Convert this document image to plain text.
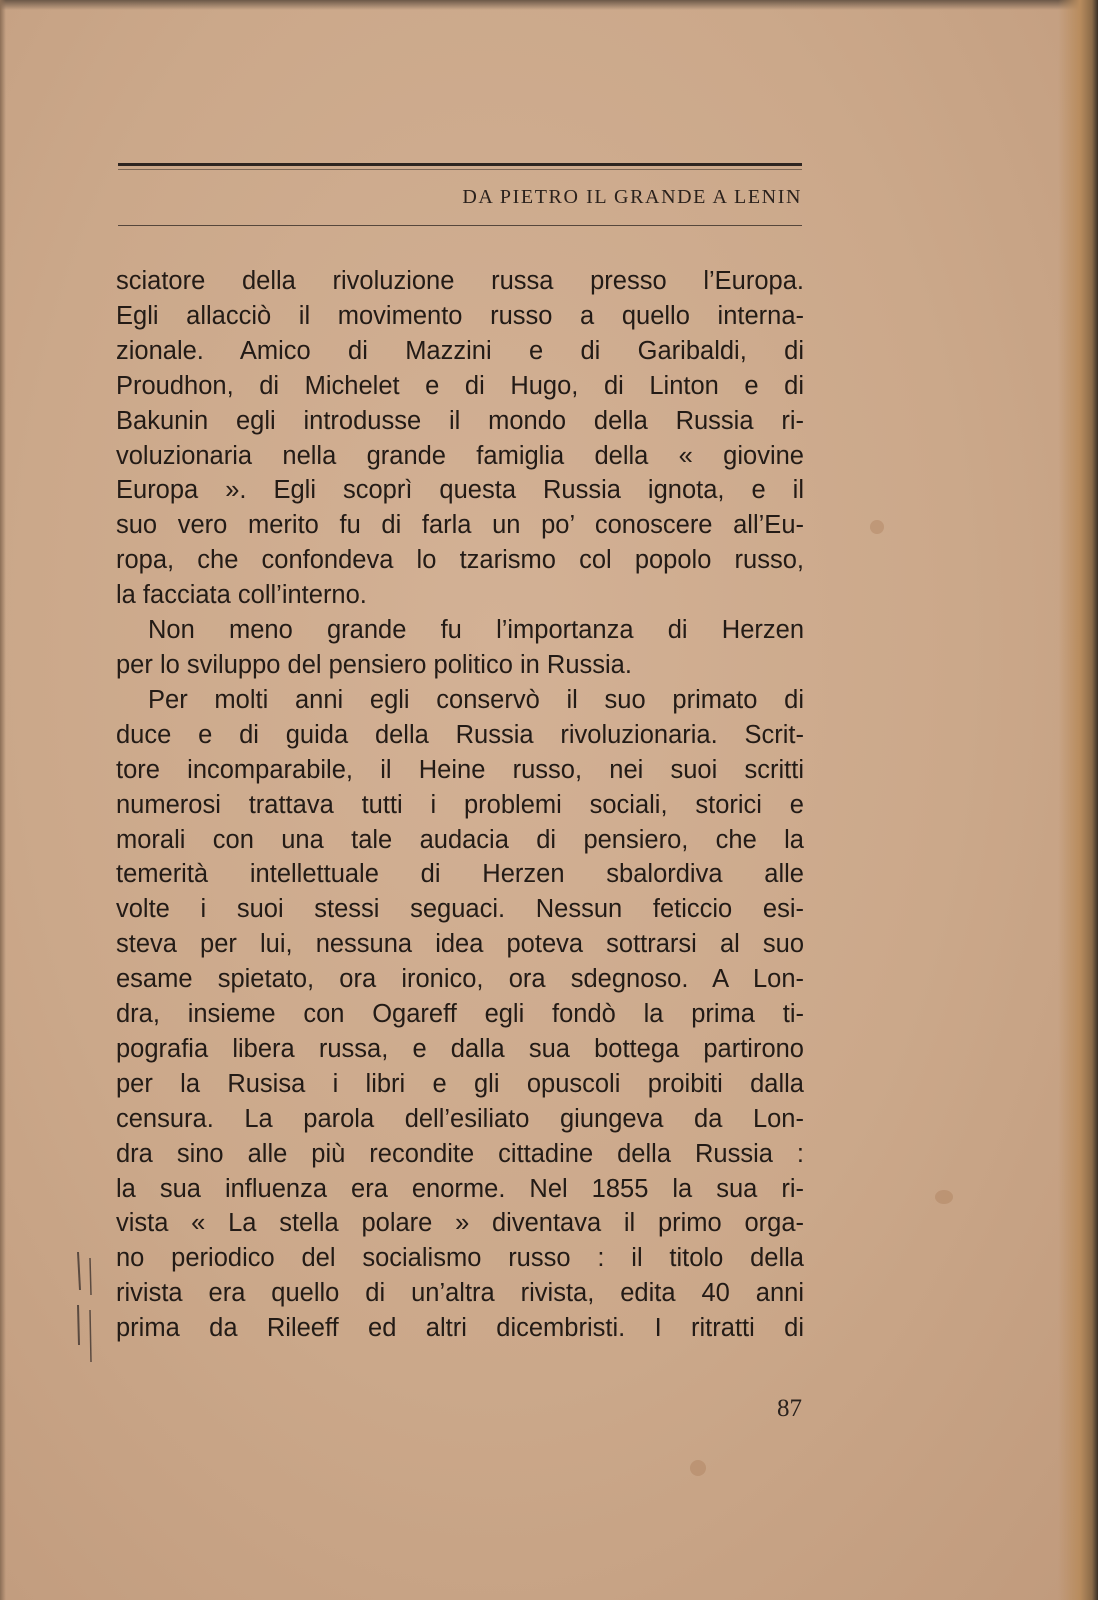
DA PIETRO IL GRANDE A LENIN
sciatore della rivoluzione russa presso l’Europa.
Egli allacciò il movimento russo a quello interna-
zionale. Amico di Mazzini e di Garibaldi, di
Proudhon, di Michelet e di Hugo, di Linton e di
Bakunin egli introdusse il mondo della Russia ri-
voluzionaria nella grande famiglia della « giovine
Europa ». Egli scoprì questa Russia ignota, e il
suo vero merito fu di farla un po’ conoscere all’Eu-
ropa, che confondeva lo tzarismo col popolo russo,
la facciata coll’interno.
Non meno grande fu l’importanza di Herzen
per lo sviluppo del pensiero politico in Russia.
Per molti anni egli conservò il suo primato di
duce e di guida della Russia rivoluzionaria. Scrit-
tore incomparabile, il Heine russo, nei suoi scritti
numerosi trattava tutti i problemi sociali, storici e
morali con una tale audacia di pensiero, che la
temerità intellettuale di Herzen sbalordiva alle
volte i suoi stessi seguaci. Nessun feticcio esi-
steva per lui, nessuna idea poteva sottrarsi al suo
esame spietato, ora ironico, ora sdegnoso. A Lon-
dra, insieme con Ogareff egli fondò la prima ti-
pografia libera russa, e dalla sua bottega partirono
per la Rusisa i libri e gli opuscoli proibiti dalla
censura. La parola dell’esiliato giungeva da Lon-
dra sino alle più recondite cittadine della Russia :
la sua influenza era enorme. Nel 1855 la sua ri-
vista « La stella polare » diventava il primo orga-
no periodico del socialismo russo : il titolo della
rivista era quello di un’altra rivista, edita 40 anni
prima da Rileeff ed altri dicembristi. I ritratti di
87
